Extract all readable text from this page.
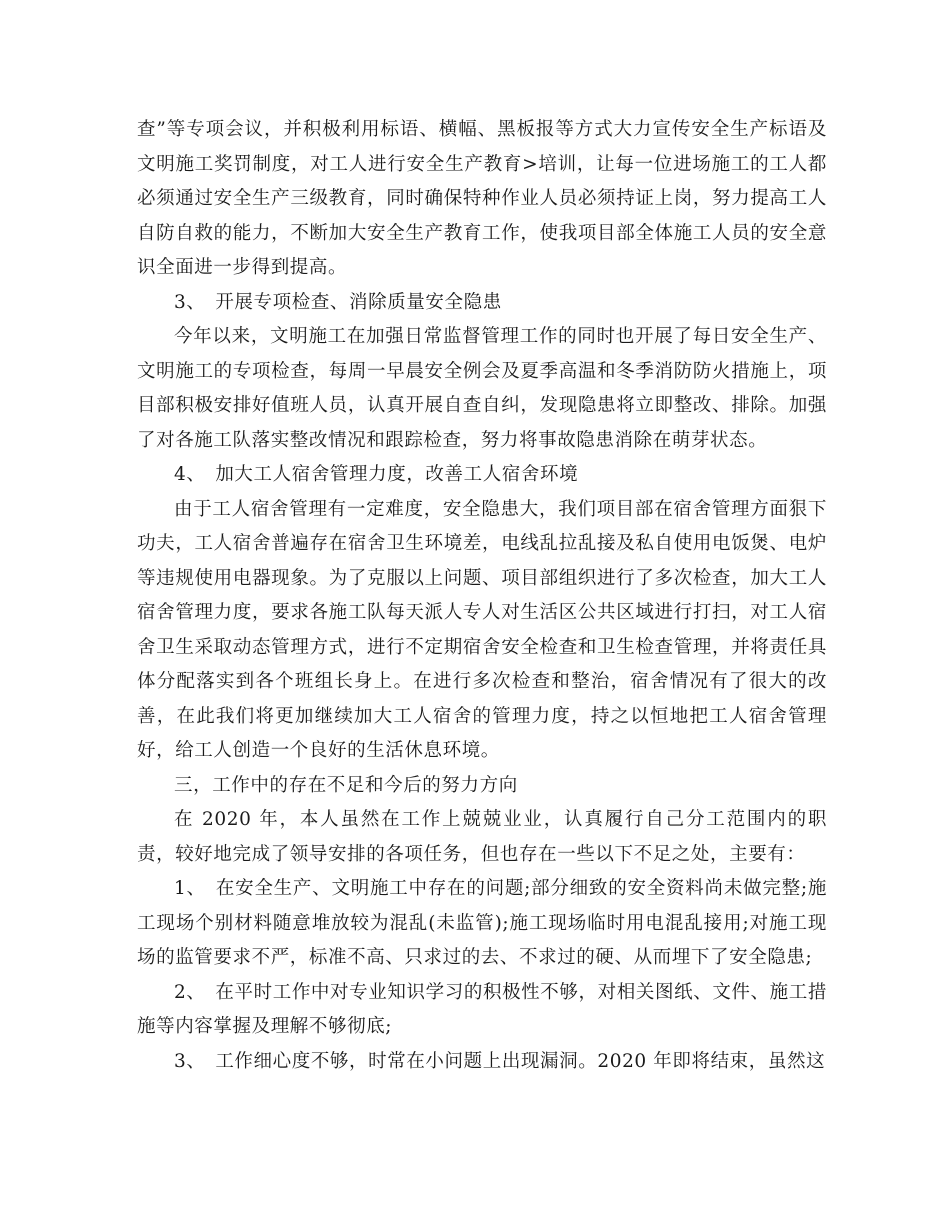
查”等专项会议，并积极利用标语、横幅、黑板报等方式大力宣传安全生产标语及文明施工奖罚制度，对工人进行安全生产教育>培训，让每一位进场施工的工人都必须通过安全生产三级教育，同时确保特种作业人员必须持证上岗，努力提高工人自防自救的能力，不断加大安全生产教育工作，使我项目部全体施工人员的安全意识全面进一步得到提高。

3、　开展专项检查、消除质量安全隐患

今年以来，文明施工在加强日常监督管理工作的同时也开展了每日安全生产、文明施工的专项检查，每周一早晨安全例会及夏季高温和冬季消防防火措施上，项目部积极安排好值班人员，认真开展自查自纠，发现隐患将立即整改、排除。加强了对各施工队落实整改情况和跟踪检查，努力将事故隐患消除在萌芽状态。

4、　加大工人宿舍管理力度，改善工人宿舍环境

由于工人宿舍管理有一定难度，安全隐患大，我们项目部在宿舍管理方面狠下功夫，工人宿舍普遍存在宿舍卫生环境差，电线乱拉乱接及私自使用电饭煲、电炉等违规使用电器现象。为了克服以上问题、项目部组织进行了多次检查，加大工人宿舍管理力度，要求各施工队每天派人专人对生活区公共区域进行打扫，对工人宿舍卫生采取动态管理方式，进行不定期宿舍安全检查和卫生检查管理，并将责任具体分配落实到各个班组长身上。在进行多次检查和整治，宿舍情况有了很大的改善，在此我们将更加继续加大工人宿舍的管理力度，持之以恒地把工人宿舍管理好，给工人创造一个良好的生活休息环境。

三，工作中的存在不足和今后的努力方向

在 2020 年，本人虽然在工作上兢兢业业，认真履行自己分工范围内的职责，较好地完成了领导安排的各项任务，但也存在一些以下不足之处，主要有：

1、　在安全生产、文明施工中存在的问题;部分细致的安全资料尚未做完整;施工现场个别材料随意堆放较为混乱(未监管);施工现场临时用电混乱接用;对施工现场的监管要求不严，标准不高、只求过的去、不求过的硬、从而埋下了安全隐患;

2、　在平时工作中对专业知识学习的积极性不够，对相关图纸、文件、施工措施等内容掌握及理解不够彻底;

3、　工作细心度不够，时常在小问题上出现漏洞。2020 年即将结束，虽然这
